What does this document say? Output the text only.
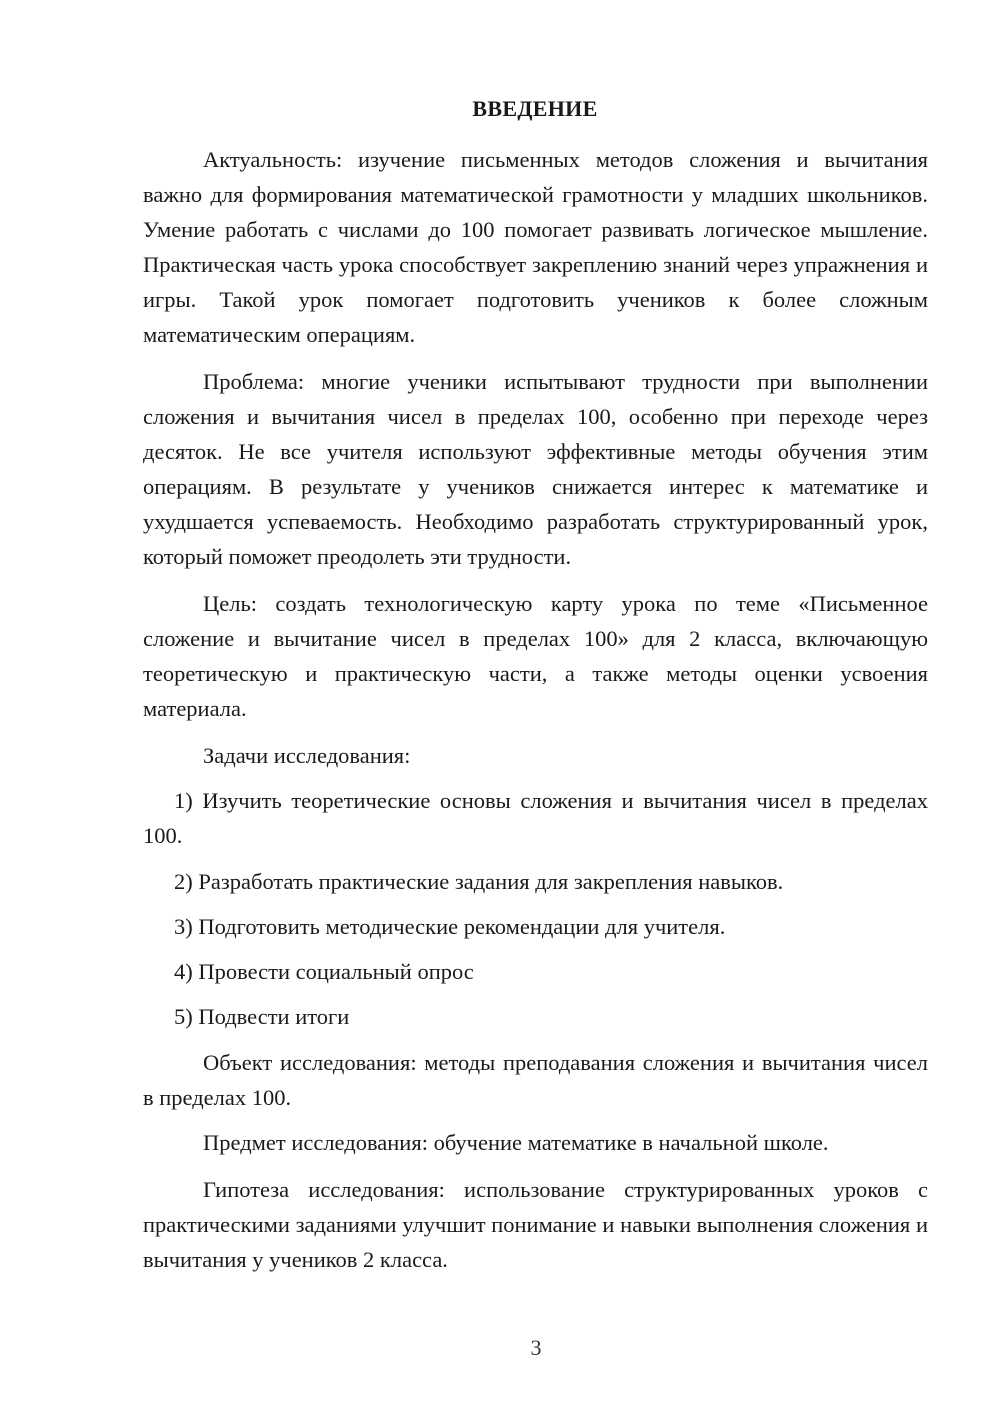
ВВЕДЕНИЕ

Актуальность: изучение письменных методов сложения и вычитания важно для формирования математической грамотности у младших школьников. Умение работать с числами до 100 помогает развивать логическое мышление. Практическая часть урока способствует закреплению знаний через упражнения и игры. Такой урок помогает подготовить учеников к более сложным математическим операциям.

Проблема: многие ученики испытывают трудности при выполнении сложения и вычитания чисел в пределах 100, особенно при переходе через десяток. Не все учителя используют эффективные методы обучения этим операциям. В результате у учеников снижается интерес к математике и ухудшается успеваемость. Необходимо разработать структурированный урок, который поможет преодолеть эти трудности.

Цель: создать технологическую карту урока по теме «Письменное сложение и вычитание чисел в пределах 100» для 2 класса, включающую теоретическую и практическую части, а также методы оценки усвоения материала.

Задачи исследования:

1) Изучить теоретические основы сложения и вычитания чисел в пределах 100.

2) Разработать практические задания для закрепления навыков.

3) Подготовить методические рекомендации для учителя.

4) Провести социальный опрос

5) Подвести итоги

Объект исследования: методы преподавания сложения и вычитания чисел в пределах 100.

Предмет исследования: обучение математике в начальной школе.

Гипотеза исследования: использование структурированных уроков с практическими заданиями улучшит понимание и навыки выполнения сложения и вычитания у учеников 2 класса.

3
